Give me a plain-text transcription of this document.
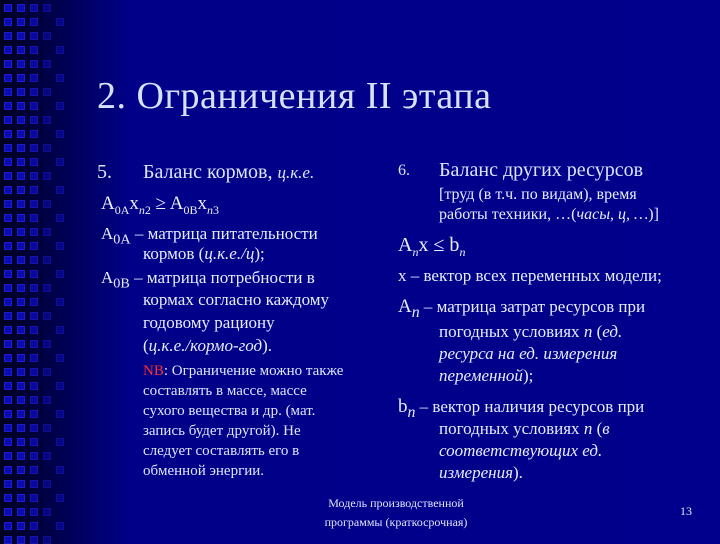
2. Ограничения II этапа
5. Баланс кормов, ц.к.е.
$A_{0A}x_{n2} \ge A_{0B}x_{n3}$
$A_{0A}$ – матрица питательности
кормов (ц.к.е./ц);
$A_{0B}$ – матрица потребности в
кормах согласно каждому
годовому рациону
(ц.к.е./кормо-год).
NB: Ограничение можно также
составлять в массе, массе
сухого вещества и др. (мат.
запись будет другой). Не
следует составлять его в
обменной энергии.
6. Баланс других ресурсов
[труд (в т.ч. по видам), время
работы техники, …(часы, ц, …)]
$A_nx \le b_n$
x – вектор всех переменных модели;
$A_n$ – матрица затрат ресурсов при
погодных условиях n (ед.
ресурса на ед. измерения
переменной);
$b_n$ – вектор наличия ресурсов при
погодных условиях n (в
соответствующих ед.
измерения).
Модель производственной
программы (краткосрочная)
13
